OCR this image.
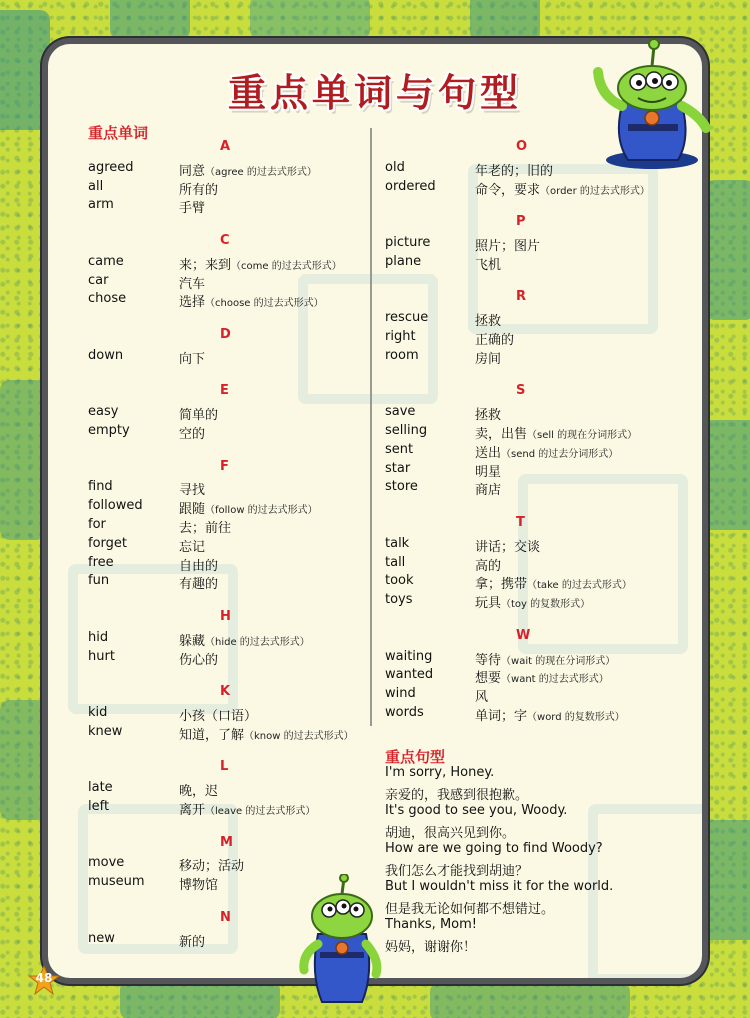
重点单词与句型
重点单词
A
agreed	同意（agree 的过去式形式）
all	所有的
arm	手臂
C
came	来；来到（come 的过去式形式）
car	汽车
chose	选择（choose 的过去式形式）
D
down	向下
E
easy	简单的
empty	空的
F
find	寻找
followed	跟随（follow 的过去式形式）
for	去；前往
forget	忘记
free	自由的
fun	有趣的
H
hid	躲藏（hide 的过去式形式）
hurt	伤心的
K
kid	小孩（口语）
knew	知道，了解（know 的过去式形式）
L
late	晚，迟
left	离开（leave 的过去式形式）
M
move	移动；活动
museum	博物馆
N
new	新的
O
old	年老的；旧的
ordered	命令，要求（order 的过去式形式）
P
picture	照片；图片
plane	飞机
R
rescue	拯救
right	正确的
room	房间
S
save	拯救
selling	卖，出售（sell 的现在分词形式）
sent	送出（send 的过去分词形式）
star	明星
store	商店
T
talk	讲话；交谈
tall	高的
took	拿；携带（take 的过去式形式）
toys	玩具（toy 的复数形式）
W
waiting	等待（wait 的现在分词形式）
wanted	想要（want 的过去式形式）
wind	风
words	单词；字（word 的复数形式）
重点句型
I'm sorry, Honey.
亲爱的，我感到很抱歉。
It's good to see you, Woody.
胡迪，很高兴见到你。
How are we going to find Woody?
我们怎么才能找到胡迪？
But I wouldn't miss it for the world.
但是我无论如何都不想错过。
Thanks, Mom!
妈妈，谢谢你！
48
